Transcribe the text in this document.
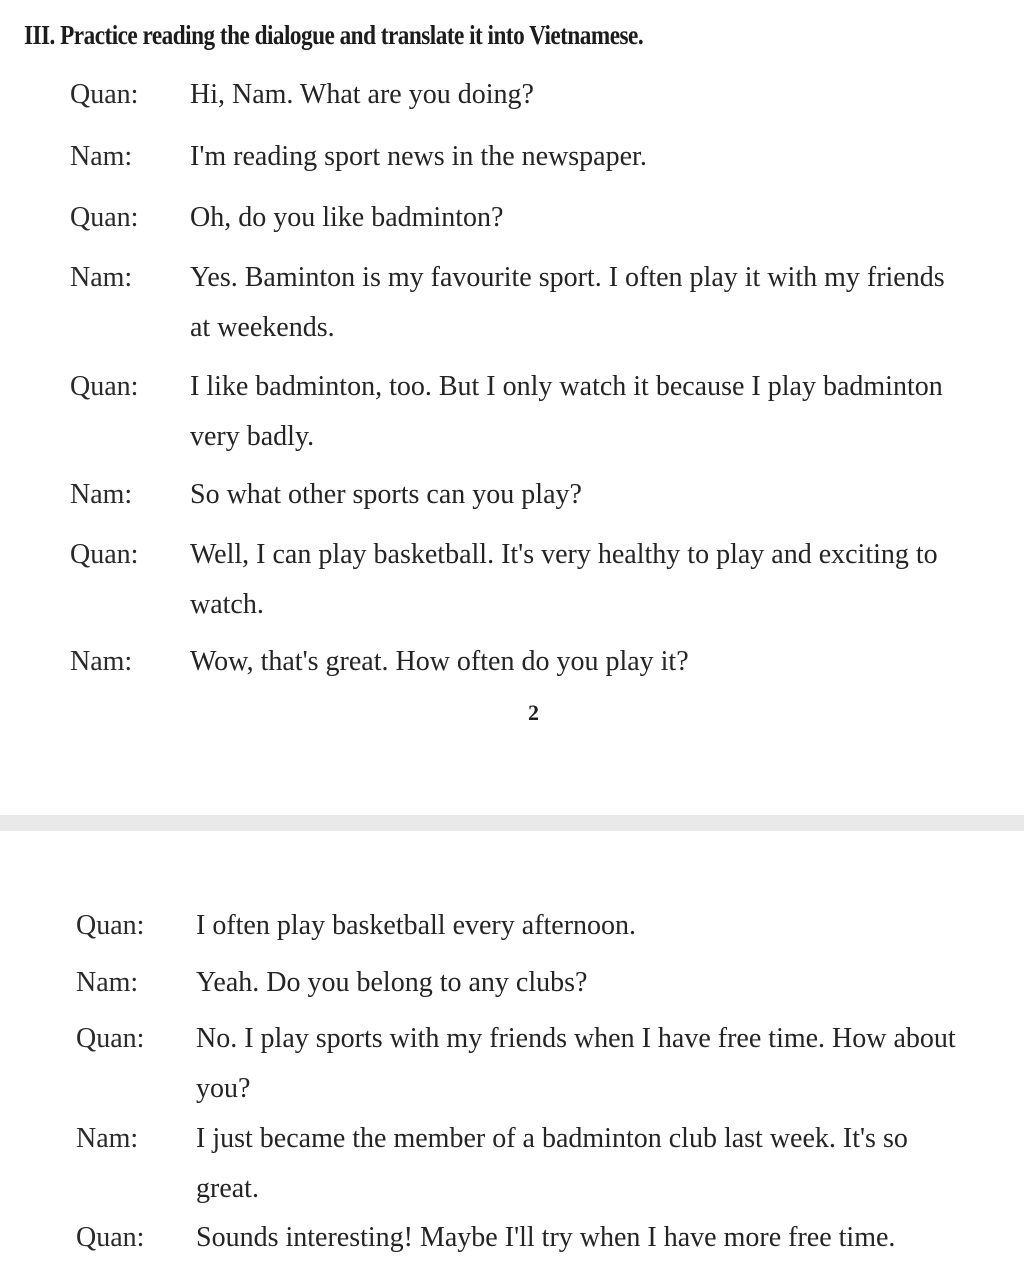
III. Practice reading the dialogue and translate it into Vietnamese.
Quan: Hi, Nam. What are you doing?
Nam: I'm reading sport news in the newspaper.
Quan: Oh, do you like badminton?
Nam: Yes. Baminton is my favourite sport. I often play it with my friends at weekends.
Quan: I like badminton, too. But I only watch it because I play badminton very badly.
Nam: So what other sports can you play?
Quan: Well, I can play basketball. It's very healthy to play and exciting to watch.
Nam: Wow, that's great. How often do you play it?
2
Quan: I often play basketball every afternoon.
Nam: Yeah. Do you belong to any clubs?
Quan: No. I play sports with my friends when I have free time. How about you?
Nam: I just became the member of a badminton club last week. It's so great.
Quan: Sounds interesting! Maybe I'll try when I have more free time.
